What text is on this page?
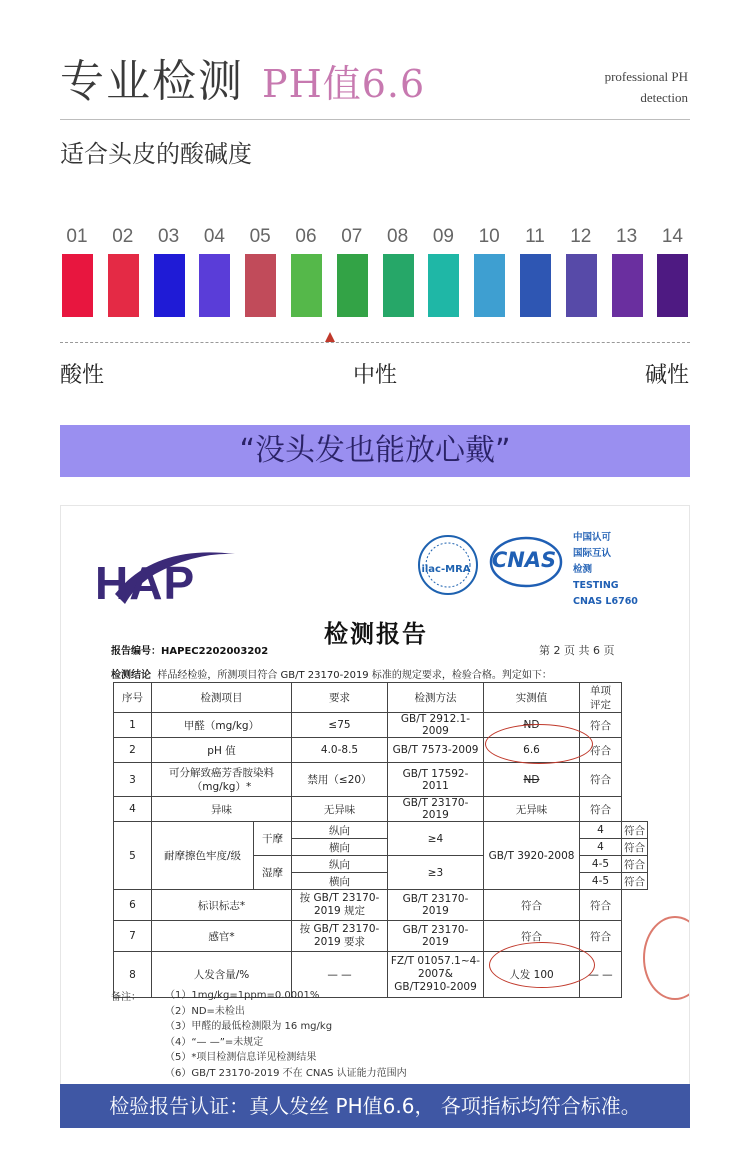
专业检测 PH值6.6	professional PH
detection
适合头皮的酸碱度
01 02 03 04 05 06 07 08 09 10	11	12 13 14
酸性	中性	碱性
“没头发也能放心戴”
HAP	ilac-MRA	CNAS
中国认可
国际互认
检测
TESTING
CNAS L6760
检测报告
报告编号：HAPEC2202003202	第 2 页 共 6 页
检测结论 样品经检验，所测项目符合 GB/T 23170-2019 标准的规定要求，检验合格。判定如下：
序号	检测项目		要求	检测方法	实测值	单项
评定	
1	甲醛（mg/kg）		≤75	GB/T 2912.1-2009	ND	符合	
2	pH 值		4.0-8.5	GB/T 7573-2009	6.6	符合	
3	可分解致癌芳香胺染料（mg/kg）*		禁用（≤20）	GB/T 17592-2011	ND	符合	
4	异味		无异味	GB/T 23170-2019	无异味	符合	
5	耐摩擦色牢度/级	干摩	纵向	≥4	GB/T 3920-2008	4	符合
			横向			4	符合
		湿摩	纵向	≥3		4-5	符合
			横向			4-5	符合
6	标识标志*		按 GB/T 23170-2019 规定	GB/T 23170-2019	符合	符合	
7	感官*		按 GB/T 23170-2019 要求	GB/T 23170-2019	符合	符合	
8	人发含量/%		— —	FZ/T 01057.1~4-2007& GB/T2910-2009	人发 100	— —	
备注： （1）1mg/kg=1ppm=0.0001%
（2）ND=未检出
（3）甲醛的最低检测限为 16 mg/kg
（4）“— —”=未规定
（5）*项目检测信息详见检测结果
（6）GB/T 23170-2019 不在 CNAS 认证能力范围内
检验报告认证：真人发丝 PH值6.6， 各项指标均符合标准。
